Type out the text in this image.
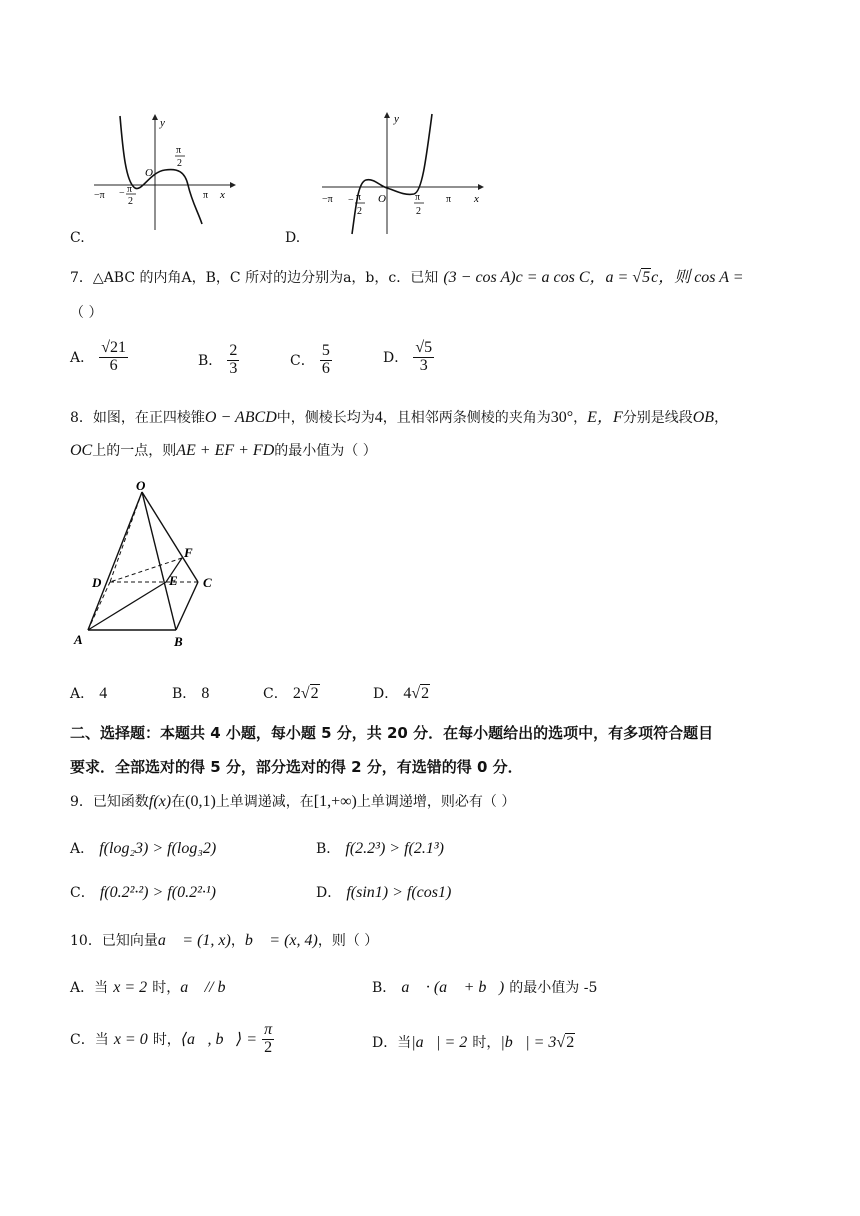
y
x
O
−π	π
− π
2
π
2
C.
y
x
O
−π	π
− π
2
π
2
D.
7．△ABC 的内角A，B，C 所对的边分别为a，b，c．已知 (3 − cos A)c = a cos C，a = √5c，则 cos A =
（ ）
A． $\frac{√21}{6}$	B． $\frac{2}{3}$	C． $\frac{5}{6}$	D． $\frac{√5}{3}$
8．如图，在正四棱锥O − ABCD中，侧棱长均为4，且相邻两条侧棱的夹角为30°，E，F分别是线段OB，
OC上的一点，则AE + EF + FD的最小值为（ ）
O
F
D	E C
A	B
A． 4	B． 8	C． 2√2	D． 4√2
二、选择题：本题共 4 小题，每小题 5 分，共 20 分．在每小题给出的选项中，有多项符合题目
要求．全部选对的得 5 分，部分选对的得 2 分，有选错的得 0 分．
9．已知函数f(x)在(0,1)上单调递减，在[1,+∞)上单调递增，则必有（ ）
A． f(log₂3) > f(log₃2)	B． f(2.2³) > f(2.1³)
C． f(0.2²·²) > f(0.2²·¹)	D． f(sin1) > f(cos1)
10．已知向量a⃗ = (1, x)，b⃗ = (x, 4)，则（ ）
A．当 x = 2 时，a⃗ // b⃗	B． a⃗ · (a⃗ + b⃗) 的最小值为 -5
C．当 x = 0 时，⟨a⃗, b⃗⟩ = $\frac{\pi}{2}$	D．当|a⃗| = 2 时，|b⃗| = 3√2
